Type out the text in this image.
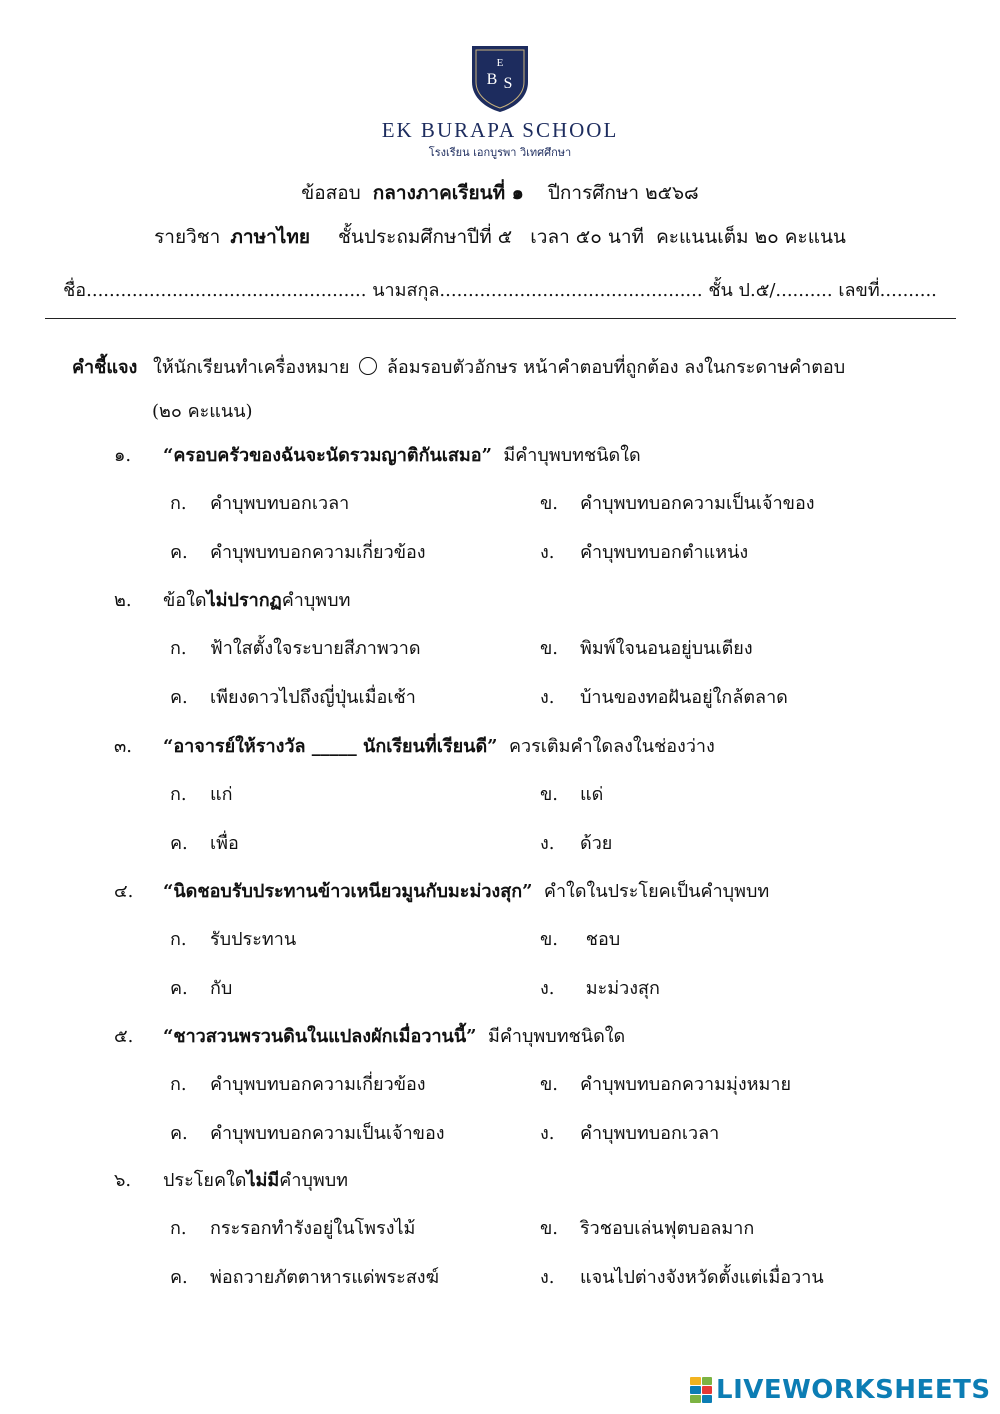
E
B S
EK BURAPA SCHOOL
โรงเรียน เอกบูรพา วิเทศศึกษา
ข้อสอบ กลางภาคเรียนที่ ๑ ปีการศึกษา ๒๕๖๘
รายวิชา ภาษาไทย ชั้นประถมศึกษาปีที่ ๕   เวลา ๕๐ นาที  คะแนนเต็ม ๒๐ คะแนน
ชื่อ................................................. นามสกุล.............................................. ชั้น ป.๕/.......... เลขที่..........
คำชี้แจง ให้นักเรียนทำเครื่องหมาย ○ ล้อมรอบตัวอักษร หน้าคำตอบที่ถูกต้อง ลงในกระดาษคำตอบ
(๒๐ คะแนน)
๑. “ครอบครัวของฉันจะนัดรวมญาติกันเสมอ”  มีคำบุพบทชนิดใด
ก. คำบุพบทบอกเวลา	ข. คำบุพบทบอกความเป็นเจ้าของ
ค. คำบุพบทบอกความเกี่ยวข้อง	ง. คำบุพบทบอกตำแหน่ง
๒. ข้อใดไม่ปรากฏคำบุพบท
ก. ฟ้าใสตั้งใจระบายสีภาพวาด	ข. พิมพ์ใจนอนอยู่บนเตียง
ค. เพียงดาวไปถึงญี่ปุ่นเมื่อเช้า	ง. บ้านของทอฝันอยู่ใกล้ตลาด
๓. “อาจารย์ให้รางวัล _____ นักเรียนที่เรียนดี”  ควรเติมคำใดลงในช่องว่าง
ก. แก่	ข. แด่
ค. เพื่อ	ง. ด้วย
๔. “นิดชอบรับประทานข้าวเหนียวมูนกับมะม่วงสุก”  คำใดในประโยคเป็นคำบุพบท
ก. รับประทาน	ข. ชอบ
ค. กับ	ง. มะม่วงสุก
๕. “ชาวสวนพรวนดินในแปลงผักเมื่อวานนี้”  มีคำบุพบทชนิดใด
ก. คำบุพบทบอกความเกี่ยวข้อง	ข. คำบุพบทบอกความมุ่งหมาย
ค. คำบุพบทบอกความเป็นเจ้าของ	ง. คำบุพบทบอกเวลา
๖. ประโยคใดไม่มีคำบุพบท
ก. กระรอกทำรังอยู่ในโพรงไม้	ข. ริวชอบเล่นฟุตบอลมาก
ค. พ่อถวายภัตตาหารแด่พระสงฆ์	ง. แจนไปต่างจังหวัดตั้งแต่เมื่อวาน
LIVEWORKSHEETS
